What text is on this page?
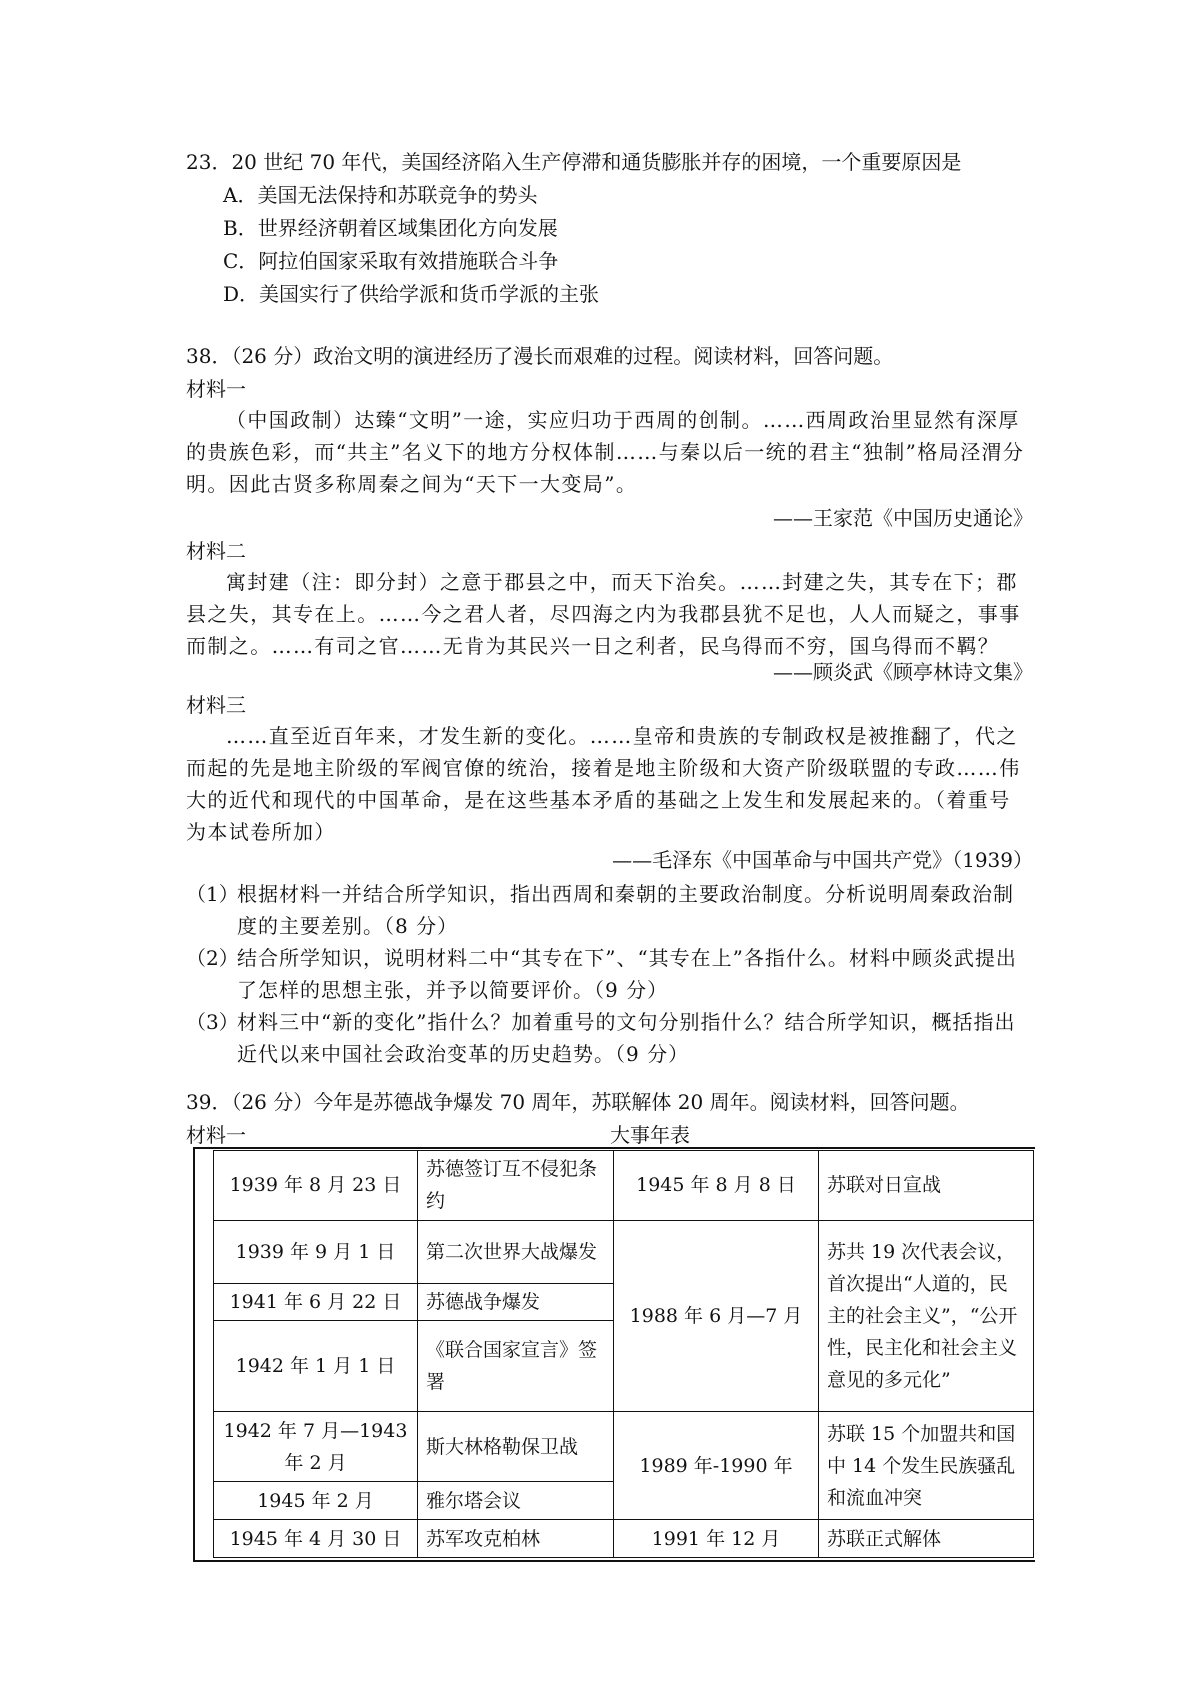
23．20 世纪 70 年代，美国经济陷入生产停滞和通货膨胀并存的困境，一个重要原因是
A．美国无法保持和苏联竞争的势头
B．世界经济朝着区域集团化方向发展
C．阿拉伯国家采取有效措施联合斗争
D．美国实行了供给学派和货币学派的主张
38．（26 分）政治文明的演进经历了漫长而艰难的过程。阅读材料，回答问题。
材料一
（中国政制）达臻“文明”一途，实应归功于西周的创制。……西周政治里显然有深厚的贵族色彩，而“共主”名义下的地方分权体制……与秦以后一统的君主“独制”格局泾渭分明。因此古贤多称周秦之间为“天下一大变局”。
——王家范《中国历史通论》
材料二
寓封建（注：即分封）之意于郡县之中，而天下治矣。……封建之失，其专在下；郡县之失，其专在上。……今之君人者，尽四海之内为我郡县犹不足也，人人而疑之，事事而制之。……有司之官……无肯为其民兴一日之利者，民乌得而不穷，国乌得而不羁？
——顾炎武《顾亭林诗文集》
材料三
……直至近百年来，才发生新的变化。……皇帝和贵族的专制政权是被推翻了，代之而起的先是地主阶级的军阀官僚的统治，接着是地主阶级和大资产阶级联盟的专政……伟大的近代和现代的中国革命，是在这些基本矛盾的基础之上发生和发展起来的。（着重号为本试卷所加）
——毛泽东《中国革命与中国共产党》（1939）
（1）
根据材料一并结合所学知识，指出西周和秦朝的主要政治制度。分析说明周秦政治制度的主要差别。（8 分）
（2）
结合所学知识，说明材料二中“其专在下”、“其专在上”各指什么。材料中顾炎武提出了怎样的思想主张，并予以简要评价。（9 分）
（3）
材料三中“新的变化”指什么？加着重号的文句分别指什么？结合所学知识，概括指出近代以来中国社会政治变革的历史趋势。（9 分）
39．（26 分）今年是苏德战争爆发 70 周年，苏联解体 20 周年。阅读材料，回答问题。
材料一	大事年表
1939 年 8 月 23 日	苏德签订互不侵犯条约	1945 年 8 月 8 日	苏联对日宣战
1939 年 9 月 1 日	第二次世界大战爆发	1988 年 6 月—7 月	苏共 19 次代表会议，首次提出“人道的，民主的社会主义”，“公开性，民主化和社会主义意见的多元化”
1941 年 6 月 22 日	苏德战争爆发		
1942 年 1 月 1 日	《联合国家宣言》签署		
1942 年 7 月—1943 年 2 月	斯大林格勒保卫战	1989 年-1990 年	苏联 15 个加盟共和国中 14 个发生民族骚乱和流血冲突
1945 年 2 月	雅尔塔会议		
1945 年 4 月 30 日	苏军攻克柏林	1991 年 12 月	苏联正式解体
